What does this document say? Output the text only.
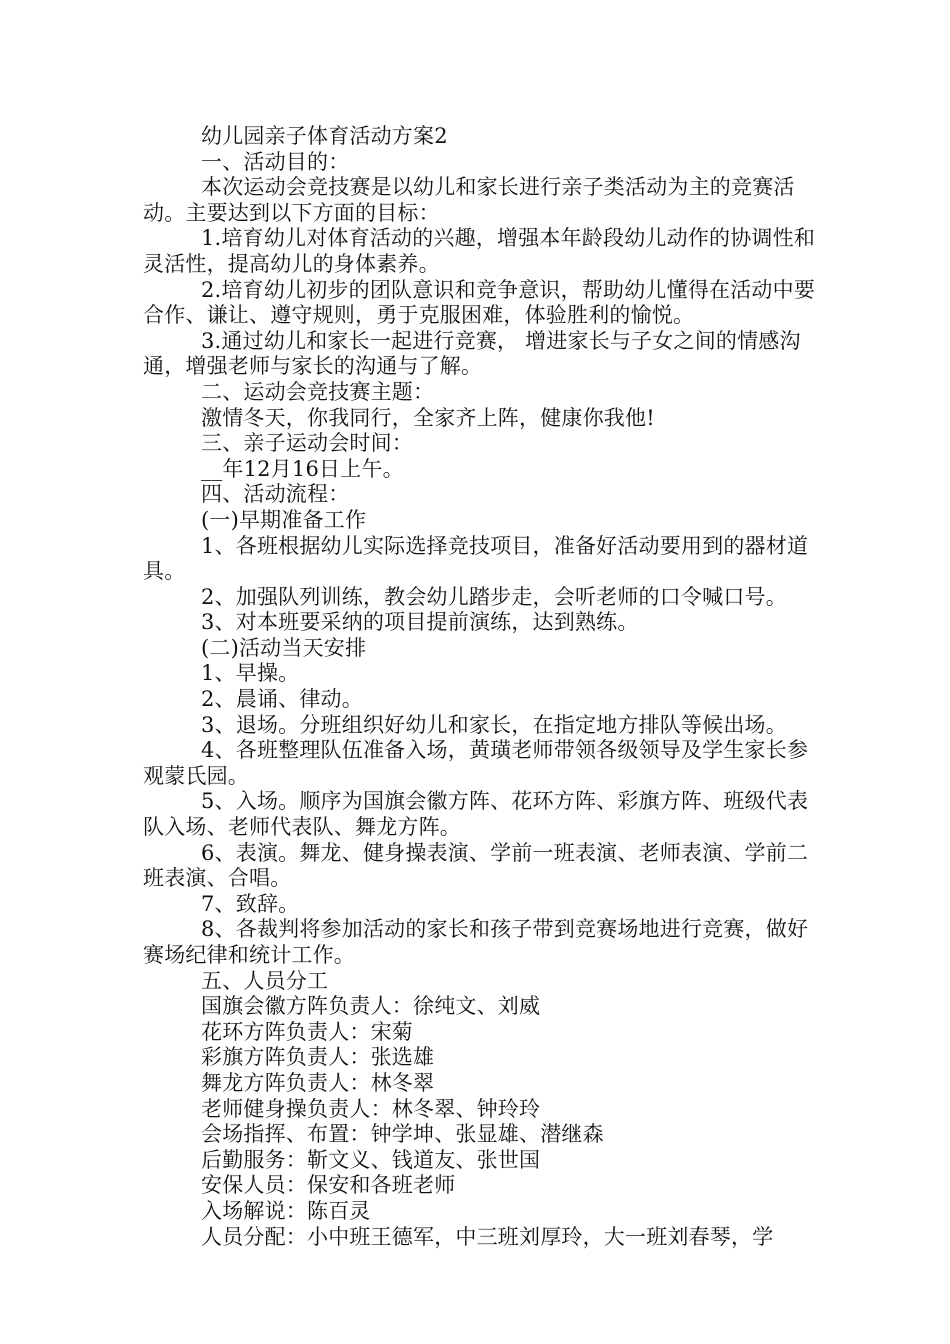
幼儿园亲子体育活动方案2

一、活动目的：

本次运动会竞技赛是以幼儿和家长进行亲子类活动为主的竞赛活动。主要达到以下方面的目标：

1.培育幼儿对体育活动的兴趣，增强本年龄段幼儿动作的协调性和灵活性，提高幼儿的身体素养。

2.培育幼儿初步的团队意识和竞争意识，帮助幼儿懂得在活动中要合作、谦让、遵守规则，勇于克服困难，体验胜利的愉悦。

3.通过幼儿和家长一起进行竞赛， 增进家长与子女之间的情感沟通，增强老师与家长的沟通与了解。

二、运动会竞技赛主题：

激情冬天，你我同行，全家齐上阵，健康你我他!

三、亲子运动会时间：

__年12月16日上午。

四、活动流程：

(一)早期准备工作

1、各班根据幼儿实际选择竞技项目，准备好活动要用到的器材道具。

2、加强队列训练，教会幼儿踏步走，会听老师的口令喊口号。

3、对本班要采纳的项目提前演练，达到熟练。

(二)活动当天安排

1、早操。

2、晨诵、律动。

3、退场。分班组织好幼儿和家长，在指定地方排队等候出场。

4、各班整理队伍准备入场，黄璜老师带领各级领导及学生家长参观蒙氏园。

5、入场。顺序为国旗会徽方阵、花环方阵、彩旗方阵、班级代表队入场、老师代表队、舞龙方阵。

6、表演。舞龙、健身操表演、学前一班表演、老师表演、学前二班表演、合唱。

7、致辞。

8、各裁判将参加活动的家长和孩子带到竞赛场地进行竞赛，做好赛场纪律和统计工作。

五、人员分工

国旗会徽方阵负责人：徐纯文、刘威

花环方阵负责人：宋菊

彩旗方阵负责人：张选雄

舞龙方阵负责人：林冬翠

老师健身操负责人：林冬翠、钟玲玲

会场指挥、布置：钟学坤、张显雄、潜继森

后勤服务：靳文义、钱道友、张世国

安保人员：保安和各班老师

入场解说：陈百灵

人员分配：小中班王德军，中三班刘厚玲，大一班刘春琴，学
